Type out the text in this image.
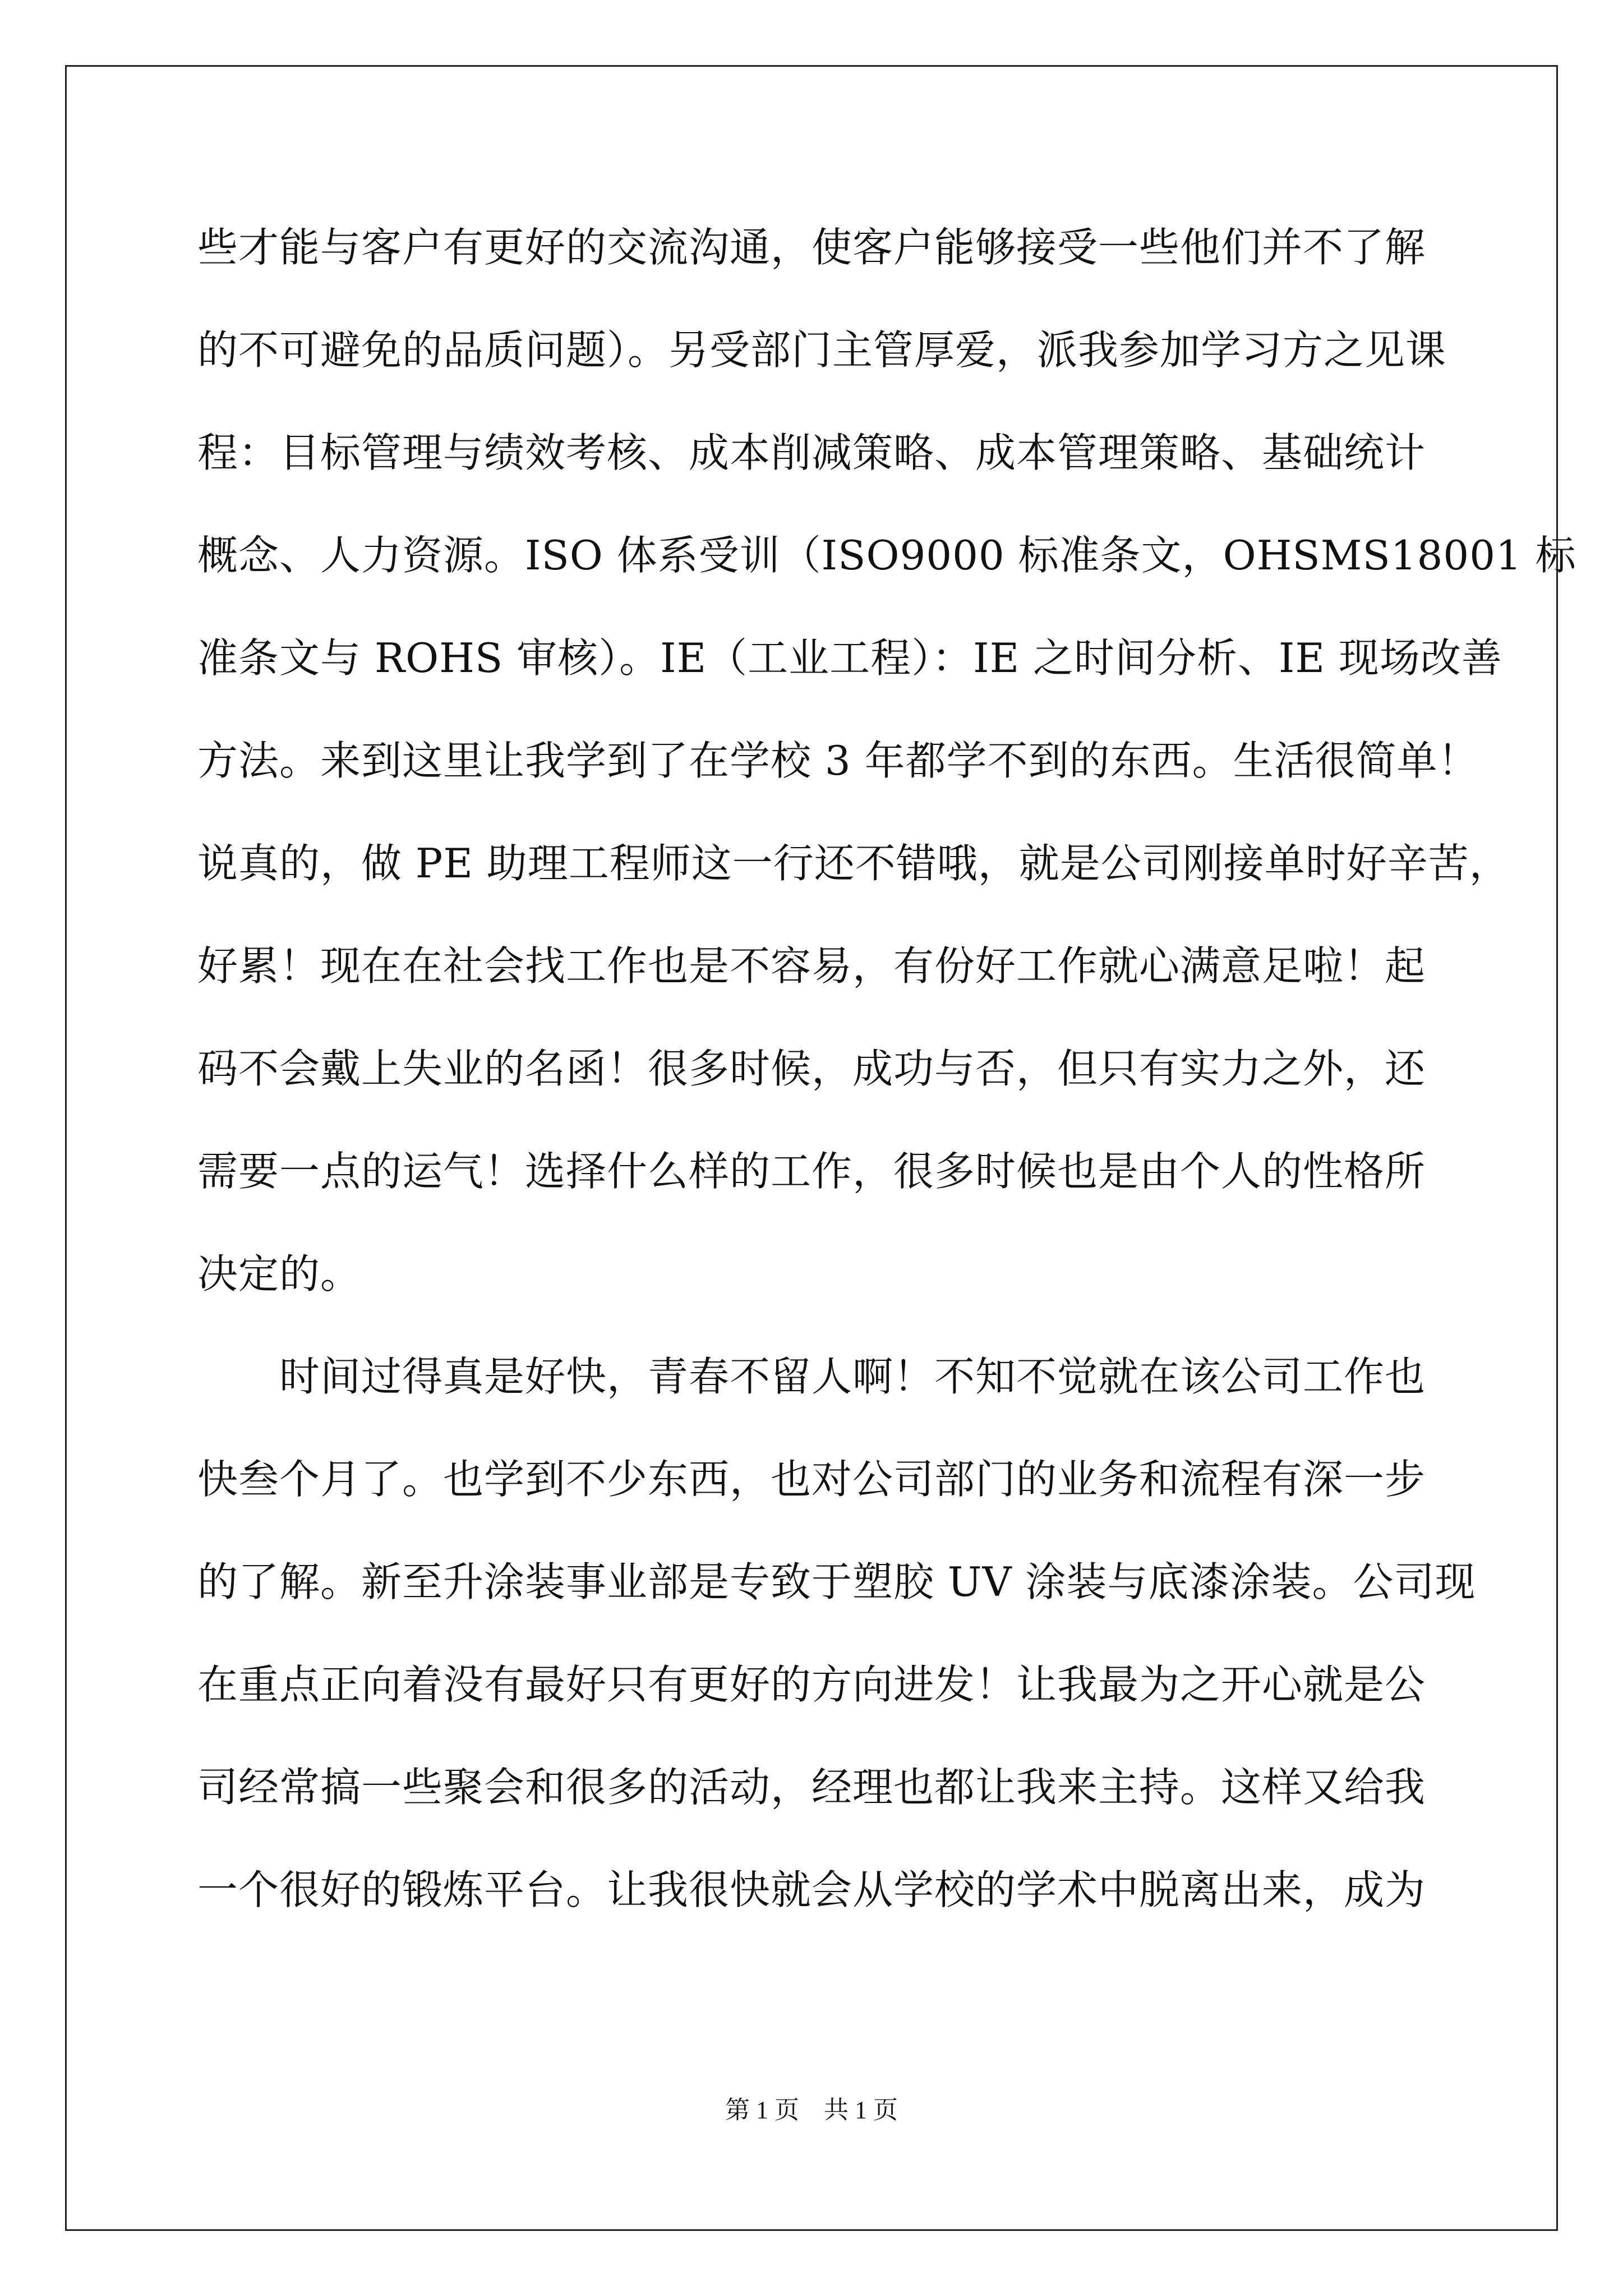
些才能与客户有更好的交流沟通，使客户能够接受一些他们并不了解
的不可避免的品质问题）。另受部门主管厚爱，派我参加学习方之见课
程：目标管理与绩效考核、成本削减策略、成本管理策略、基础统计
概念、人力资源。ISO 体系受训（ISO9000 标准条文，OHSMS18001 标
准条文与 ROHS 审核）。IE（工业工程）：IE 之时间分析、IE 现场改善
方法。来到这里让我学到了在学校 3 年都学不到的东西。生活很简单！
说真的，做 PE 助理工程师这一行还不错哦，就是公司刚接单时好辛苦，
好累！现在在社会找工作也是不容易，有份好工作就心满意足啦！起
码不会戴上失业的名函！很多时候，成功与否，但只有实力之外，还
需要一点的运气！选择什么样的工作，很多时候也是由个人的性格所
决定的。
时间过得真是好快，青春不留人啊！不知不觉就在该公司工作也
快叁个月了。也学到不少东西，也对公司部门的业务和流程有深一步
的了解。新至升涂装事业部是专致于塑胶 UV 涂装与底漆涂装。公司现
在重点正向着没有最好只有更好的方向进发！让我最为之开心就是公
司经常搞一些聚会和很多的活动，经理也都让我来主持。这样又给我
一个很好的锻炼平台。让我很快就会从学校的学术中脱离出来，成为
第 1 页　共 1 页
